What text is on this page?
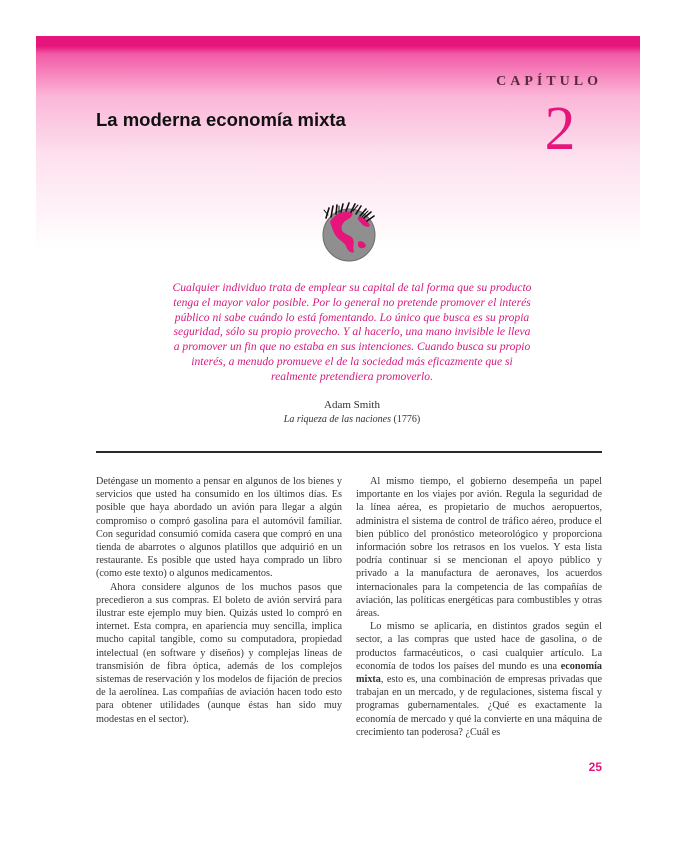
CAPÍTULO
2
La moderna economía mixta
Cualquier individuo trata de emplear su capital de tal forma que su producto tenga el mayor valor posible. Por lo general no pretende promover el interés público ni sabe cuándo lo está fomentando. Lo único que busca es su propia seguridad, sólo su propio provecho. Y al hacerlo, una mano invisible le lleva a promover un fin que no estaba en sus intenciones. Cuando busca su propio interés, a menudo promueve el de la sociedad más eficazmente que si realmente pretendiera promoverlo.
Adam Smith
La riqueza de las naciones (1776)

Deténgase un momento a pensar en algunos de los bienes y servicios que usted ha consumido en los últimos días. Es posible que haya abordado un avión para llegar a algún compromiso o compró gasolina para el automóvil familiar. Con seguridad consumió comida casera que compró en una tienda de abarrotes o algunos platillos que adquirió en un restaurante. Es posible que usted haya comprado un libro (como este texto) o algunos medicamentos.

Ahora considere algunos de los muchos pasos que precedieron a sus compras. El boleto de avión servirá para ilustrar este ejemplo muy bien. Quizás usted lo compró en internet. Esta compra, en apariencia muy sencilla, implica mucho capital tangible, como su computadora, propiedad intelectual (en software y diseños) y complejas líneas de transmisión de fibra óptica, además de los complejos sistemas de reservación y los modelos de fijación de precios de la aerolínea. Las compañías de aviación hacen todo esto para obtener utilidades (aunque éstas han sido muy modestas en el sector).

Al mismo tiempo, el gobierno desempeña un papel importante en los viajes por avión. Regula la seguridad de la línea aérea, es propietario de muchos aeropuertos, administra el sistema de control de tráfico aéreo, produce el bien público del pronóstico meteorológico y proporciona información sobre los retrasos en los vuelos. Y esta lista podría continuar si se mencionan el apoyo público y privado a la manufactura de aeronaves, los acuerdos internacionales para la competencia de las compañías de aviación, las políticas energéticas para combustibles y otras áreas.

Lo mismo se aplicaría, en distintos grados según el sector, a las compras que usted hace de gasolina, o de productos farmacéuticos, o casi cualquier artículo. La economía de todos los países del mundo es una economía mixta, esto es, una combinación de empresas privadas que trabajan en un mercado, y de regulaciones, sistema fiscal y programas gubernamentales. ¿Qué es exactamente la economía de mercado y qué la convierte en una máquina de crecimiento tan poderosa? ¿Cuál es

25
